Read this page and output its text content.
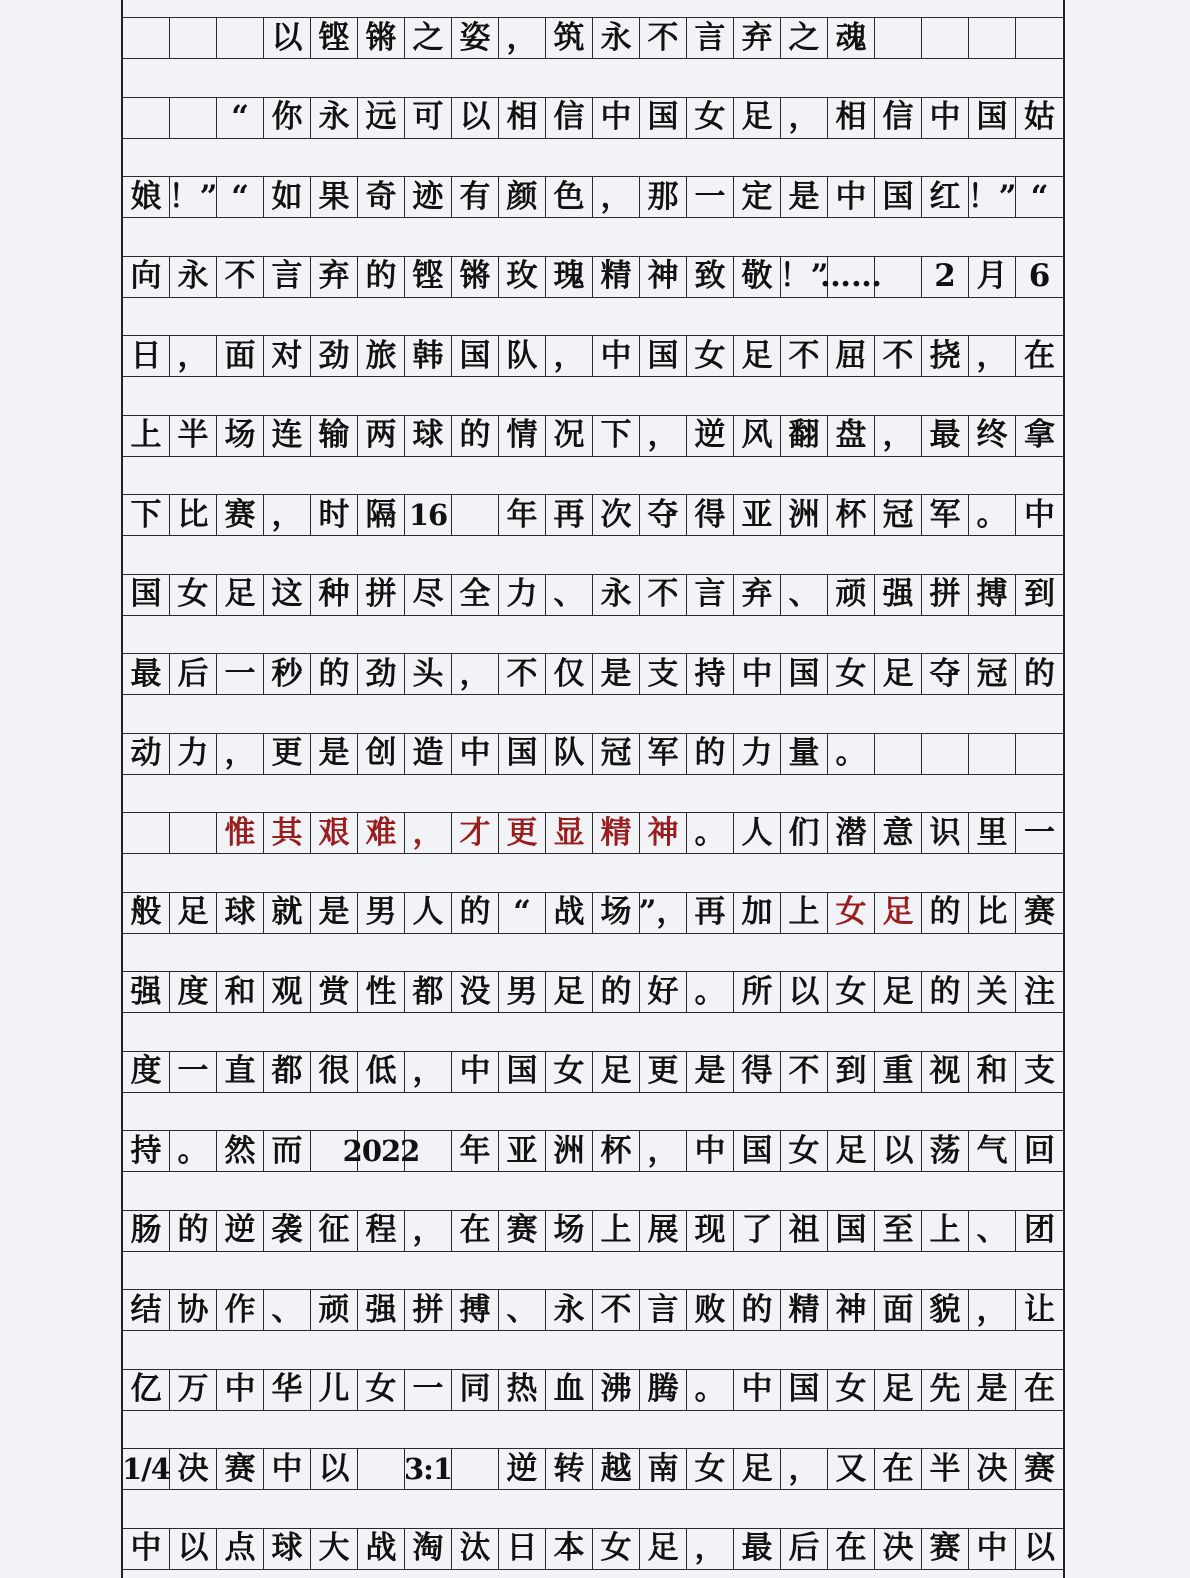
以 铿 锵 之 姿 ， 筑 永 不 言 弃 之 魂
“ 你 永 远 可 以 相 信 中 国 女 足 ， 相 信 中 国 姑
娘 ！” “ 如 果 奇 迹 有 颜 色 ， 那 一 定 是 中 国 红 ！” “
向 永 不 言 弃 的 铿 锵 玫 瑰 精 神 致 敬 ！”
……	2 月 6
日 ， 面 对 劲 旅 韩 国 队 ， 中 国 女 足 不 屈 不 挠 ， 在
上 半 场 连 输 两 球 的 情 况 下 ， 逆 风 翻 盘 ， 最 终 拿
下 比 赛 ， 时 隔 16 年 再 次 夺 得 亚 洲 杯 冠 军 。 中
国 女 足 这 种 拼 尽 全 力 、 永 不 言 弃 、 顽 强 拼 搏 到
最 后 一 秒 的 劲 头 ， 不 仅 是 支 持 中 国 女 足 夺 冠 的
动 力 ， 更 是 创 造 中 国 队 冠 军 的 力 量 。
惟 其 艰 难 ， 才 更 显 精 神 。 人 们 潜 意 识 里 一
般 足 球 就 是 男 人 的 “ 战 场 ”， 再 加 上 女 足 的 比 赛
强 度 和 观 赏 性 都 没 男 足 的 好 。 所 以 女 足 的 关 注
度 一 直 都 很 低 ， 中 国 女 足 更 是 得 不 到 重 视 和 支
持 。 然 而 2022 年 亚 洲 杯 ， 中 国 女 足 以 荡 气 回
肠 的 逆 袭 征 程 ， 在 赛 场 上 展 现 了 祖 国 至 上 、 团
结 协 作 、 顽 强 拼 搏 、 永 不 言 败 的 精 神 面 貌 ， 让
亿 万 中 华 儿 女 一 同 热 血 沸 腾 。 中 国 女 足 先 是 在
1/4 决 赛 中 以 3:1 逆 转 越 南 女 足 ， 又 在 半 决 赛
中 以 点 球 大 战 淘 汰 日 本 女 足 ， 最 后 在 决 赛 中 以
